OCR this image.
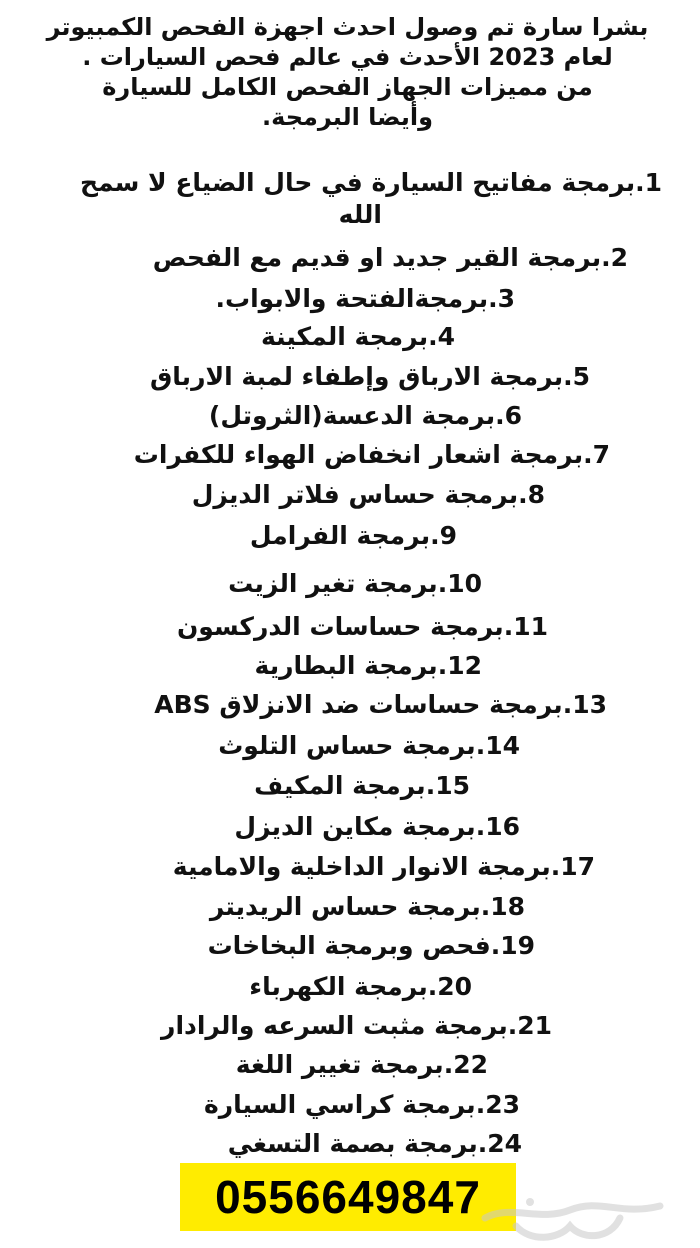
بشرا سارة تم وصول احدث اجهزة الفحص الكمبيوتر
لعام 2023 الأحدث في عالم فحص السيارات .
من مميزات الجهاز الفحص الكامل للسيارة
وأيضا البرمجة.
1.برمجة مفاتيح السيارة في حال الضياع لا سمح
الله
2.برمجة القير جديد او قديم مع الفحص
3.برمجةالفتحة والابواب.
4.برمجة المكينة
5.برمجة الارباق وإطفاء لمبة الارباق
6.برمجة الدعسة(الثروتل)
7.برمجة اشعار انخفاض الهواء للكفرات
8.برمجة حساس فلاتر الديزل
9.برمجة الفرامل
10.برمجة تغير الزيت
11.برمجة حساسات الدركسون
12.برمجة البطارية
13.برمجة حساسات ضد الانزلاق ABS
14.برمجة حساس التلوث
15.برمجة المكيف
16.برمجة مكاين الديزل
17.برمجة الانوار الداخلية والامامية
18.برمجة حساس الريديتر
19.فحص وبرمجة البخاخات
20.برمجة الكهرباء
21.برمجة مثبت السرعه والرادار
22.برمجة تغيير اللغة
23.برمجة كراسي السيارة
24.برمجة بصمة التسغي
0556649847
